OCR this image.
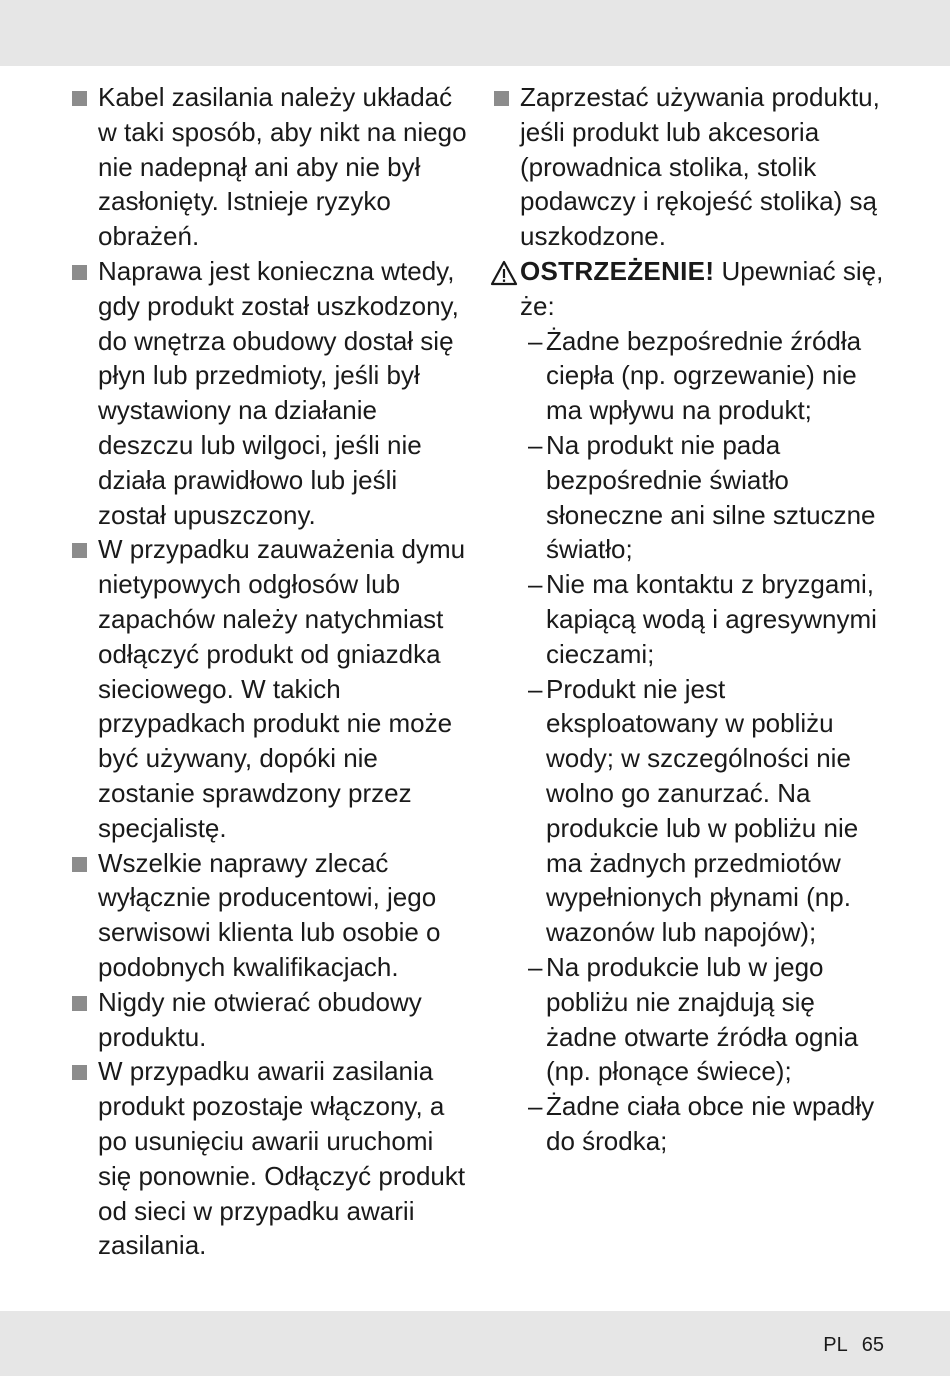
Kabel zasilania należy układać w taki sposób, aby nikt na niego nie nadepnął ani aby nie był zasłonięty. Istnieje ryzyko obrażeń.
Naprawa jest konieczna wtedy, gdy produkt został uszkodzony, do wnętrza obudowy dostał się płyn lub przedmioty, jeśli był wystawiony na działanie deszczu lub wilgoci, jeśli nie działa prawidłowo lub jeśli został upuszczony.
W przypadku zauważenia dymu nietypowych odgłosów lub zapachów należy natychmiast odłączyć produkt od gniazdka sieciowego. W takich przypadkach produkt nie może być używany, dopóki nie zostanie sprawdzony przez specjalistę.
Wszelkie naprawy zlecać wyłącznie producentowi, jego serwisowi klienta lub osobie o podobnych kwalifikacjach.
Nigdy nie otwierać obudowy produktu.
W przypadku awarii zasilania produkt pozostaje włączony, a po usunięciu awarii uruchomi się ponownie. Odłączyć produkt od sieci w przypadku awarii zasilania.
Zaprzestać używania produktu, jeśli produkt lub akcesoria (prowadnica stolika, stolik podawczy i rękojeść stolika) są uszkodzone.
OSTRZEŻENIE! Upewniać się, że:
– Żadne bezpośrednie źródła ciepła (np. ogrzewanie) nie ma wpływu na produkt;
– Na produkt nie pada bezpośrednie światło słoneczne ani silne sztuczne światło;
– Nie ma kontaktu z bryzgami, kapiącą wodą i agresywnymi cieczami;
– Produkt nie jest eksploatowany w pobliżu wody; w szczególności nie wolno go zanurzać. Na produkcie lub w pobliżu nie ma żadnych przedmiotów wypełnionych płynami (np. wazonów lub napojów);
– Na produkcie lub w jego pobliżu nie znajdują się żadne otwarte źródła ognia (np. płonące świece);
– Żadne ciała obce nie wpadły do środka;
PL 65
